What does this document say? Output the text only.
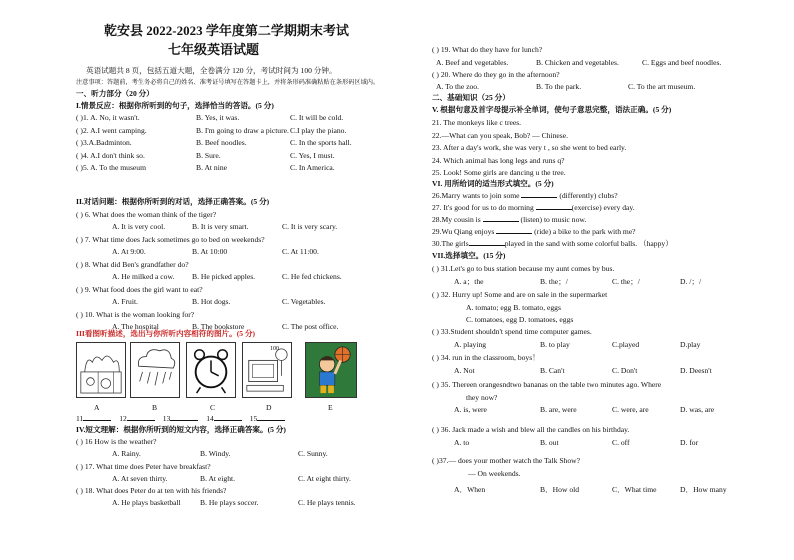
乾安县 2022-2023 学年度第二学期期末考试
七年级英语试题
英语试题共 8 页，包括五道大题，全卷满分 120 分，考试时间为 100 分钟。
注意事项：答题前，考生务必将自己的姓名、准考证号填写在答题卡上，并将条形码准确粘贴在条形码区域内。
一、听力部分（20 分）
I.情景反应：根据你所听到的句子，选择恰当的答语。(5 分)
II.对话问题：根据你所听到的对话，选择正确答案。(5 分)
III看图听描述，选出与你所听内容相符的图片。(5 分)
100
11	12	13	14	15
IV.短文理解：根据你所听到的短文内容，选择正确答案。(5 分)
二、基础知识（25 分）
V. 根据句意及首字母提示补全单词，使句子意思完整，语法正确。(5 分)
VI. 用所给词的适当形式填空。(5 分)
VII.选择填空。(15 分)
( )1. A. No, it wasn't.	B. Yes, it was.	C. It will be cold.
( )2. A.I went camping.	B. I'm going to draw a picture. C.I play the piano.
( )3.A.Badminton.	B. Beef noodles.	C. In the sports hall.
( )4. A.I don't think so.	B. Sure.	C. Yes, I must.
( )5. A. To the museum	B. At nine	C. In America.
( ) 6. What does the woman think of the tiger?
A. It is very cool.	B. It is very smart.	C. It is very scary.
( ) 7. What time does Jack sometimes go to bed on weekends?
A. At 9:00.	B. At 10:00	C. At 11:00.
( ) 8. What did Ben's grandfather do?
A. He milked a cow. B. He picked apples.	C. He fed chickens.
( ) 9. What food does the girl want to eat?
A. Fruit.	B. Hot dogs.	C. Vegetables.
( ) 10. What is the woman looking for?
A. The hospital	B. The bookstore	C. The post office.
A	B	C	D	E
( ) 16 How is the weather?
A. Rainy.	B. Windy.	C. Sunny.
( ) 17. What time does Peter have breakfast?
A. At seven thirty.	B. At eight.	C. At eight thirty.
( ) 18. What does Peter do at ten with his friends?
A. He plays basketball	B. He plays soccer.	C. He plays tennis.
( ) 19. What do they have for lunch?
A. Beef and vegetables.	B. Chicken and vegetables.	C. Eggs and beef noodles.
( ) 20. Where do they go in the afternoon?
A. To the zoo.	B. To the park.	C. To the art museum.
21. The monkeys like c trees.
22.—What can you speak, Bob? — Chinese.
23. After a day's work, she was very t , so she went to bed early.
24. Which animal has long legs and runs q?
25. Look! Some girls are dancing u the tree.
26.Marry wants to join some	(differently) clubs?
27. It's good for us to do morning	(exercise) every day.
28.My cousin is	(listen) to music now.
29.Wu Qiang enjoys	(ride) a bike to the park with me?
30.The girls	played in the sand with some colorful balls. （happy）
( ) 31.Let's go to bus station because my aunt comes by bus.
A. a；the	B. the；/	C. the；/	D. /；/
( ) 32. Hurry up! Some and are on sale in the supermarket
A. tomato; egg B. tomato, eggs
C. tomatoes, egg D. tomatoes, eggs
( ) 33.Student shouldn't spend time computer games.
A. playing	B. to play	C.played	D.play
( ) 34. run in the classroom, boys！
A. Not	B. Can't	C. Don't	D. Deesn't
( ) 35. Thereen orangesndtwo bananas on the table two minutes ago. Where
they now?
A. is, were	B. are, were	C. were, are	D. was, are
( ) 36. Jack made a wish and blew all the candles on his birthday.
A. to	B. out	C. off	D. for
( )37.— does your mother watch the Talk Show?
— On weekends.
A．When	B．How old	C．What time	D．How many
